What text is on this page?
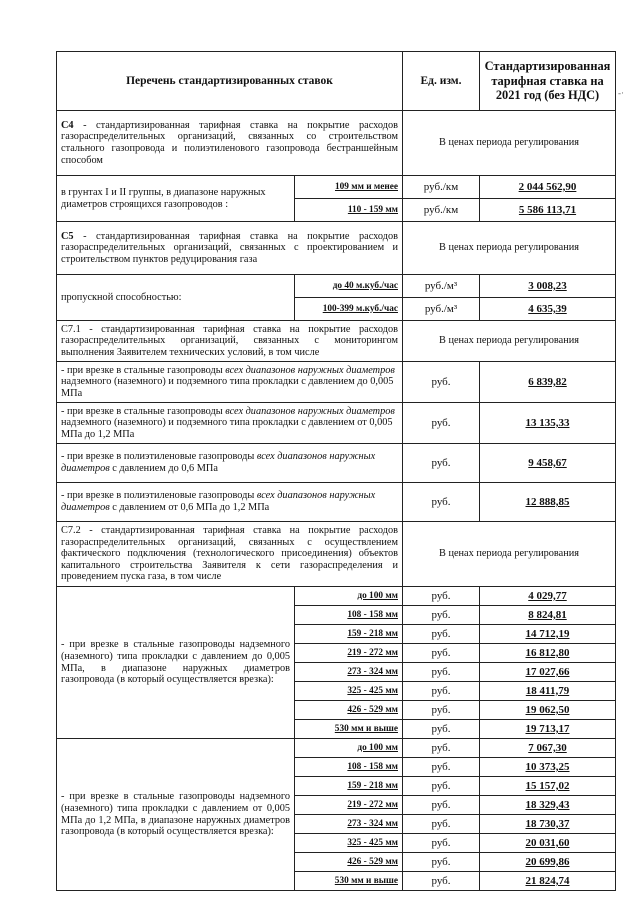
-·
Перечень стандартизированных ставок		Ед. изм.	Стандартизированная тарифная ставка на 2021 год (без НДС)
С4 - стандартизированная тарифная ставка на покрытие расходов газораспределительных организаций, связанных со строительством стального газопровода и полиэтиленового газопровода бестраншейным способом		В ценах периода регулирования	
в грунтах I и II группы, в диапазоне наружных диаметров строящихся газопроводов :	109 мм и менее	руб./км	2 044 562,90
	110 - 159 мм	руб./км	5 586 113,71
С5 - стандартизированная тарифная ставка на покрытие расходов газораспределительных организаций, связанных с проектированием и строительством пунктов редуцирования газа		В ценах периода регулирования	
пропускной способностью:	до 40 м.куб./час	руб./м³	3 008,23
	100-399 м.куб./час	руб./м³	4 635,39
С7.1 - стандартизированная тарифная ставка на покрытие расходов газораспределительных организаций, связанных с мониторингом выполнения Заявителем технических условий, в том числе		В ценах периода регулирования	
- при врезке в стальные газопроводы всех диапазонов наружных диаметров надземного (наземного) и подземного типа прокладки с давлением до 0,005 МПа		руб.	6 839,82
- при врезке в стальные газопроводы всех диапазонов наружных диаметров надземного (наземного) и подземного типа прокладки с давлением от 0,005 МПа до 1,2 МПа		руб.	13 135,33
- при врезке в полиэтиленовые газопроводы всех диапазонов наружных диаметров с давлением до 0,6 МПа		руб.	9 458,67
- при врезке в полиэтиленовые газопроводы всех диапазонов наружных диаметров с давлением от 0,6 МПа до 1,2 МПа		руб.	12 888,85
С7.2 - стандартизированная тарифная ставка на покрытие расходов газораспределительных организаций, связанных с осуществлением фактического подключения (технологического присоединения) объектов капитального строительства Заявителя к сети газораспределения и проведением пуска газа, в том числе		В ценах периода регулирования	
- при врезке в стальные газопроводы надземного (наземного) типа прокладки с давлением до 0,005 МПа, в диапазоне наружных диаметров газопровода (в который осуществляется врезка):	до 100 мм	руб.	4 029,77
	108 - 158 мм	руб.	8 824,81
	159 - 218 мм	руб.	14 712,19
	219 - 272 мм	руб.	16 812,80
	273 - 324 мм	руб.	17 027,66
	325 - 425 мм	руб.	18 411,79
	426 - 529 мм	руб.	19 062,50
	530 мм и выше	руб.	19 713,17
- при врезке в стальные газопроводы надземного (наземного) типа прокладки с давлением от 0,005 МПа до 1,2 МПа, в диапазоне наружных диаметров газопровода (в который осуществляется врезка):	до 100 мм	руб.	7 067,30
	108 - 158 мм	руб.	10 373,25
	159 - 218 мм	руб.	15 157,02
	219 - 272 мм	руб.	18 329,43
	273 - 324 мм	руб.	18 730,37
	325 - 425 мм	руб.	20 031,60
	426 - 529 мм	руб.	20 699,86
	530 мм и выше	руб.	21 824,74
